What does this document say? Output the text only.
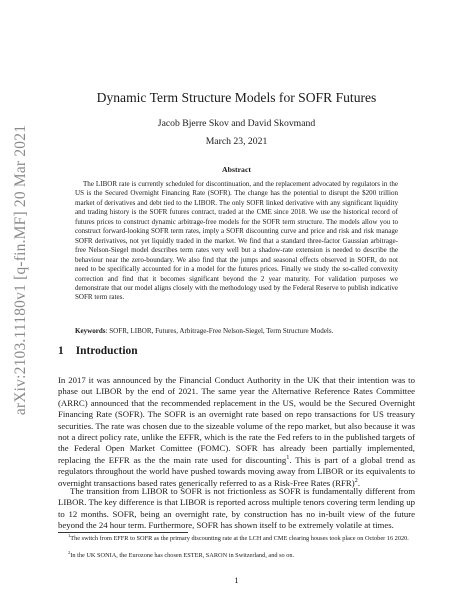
arXiv:2103.11180v1 [q-fin.MF] 20 Mar 2021
Dynamic Term Structure Models for SOFR Futures
Jacob Bjerre Skov and David Skovmand
March 23, 2021
Abstract
The LIBOR rate is currently scheduled for discontinuation, and the replacement advocated by regulators in the US is the Secured Overnight Financing Rate (SOFR). The change has the potential to disrupt the $200 trillion market of derivatives and debt tied to the LIBOR. The only SOFR linked derivative with any significant liquidity and trading history is the SOFR futures contract, traded at the CME since 2018. We use the historical record of futures prices to construct dynamic arbitrage-free models for the SOFR term structure. The models allow you to construct forward-looking SOFR term rates, imply a SOFR discounting curve and price and risk and risk manage SOFR derivatives, not yet liquidly traded in the market. We find that a standard three-factor Gaussian arbitrage-free Nelson-Siegel model describes term rates very well but a shadow-rate extension is needed to describe the behaviour near the zero-boundary. We also find that the jumps and seasonal effects observed in SOFR, do not need to be specifically accounted for in a model for the futures prices. Finally we study the so-called convexity correction and find that it becomes significant beyond the 2 year maturity. For validation purposes we demonstrate that our model aligns closely with the methodology used by the Federal Reserve to publish indicative SOFR term rates.
Keywords: SOFR, LIBOR, Futures, Arbitrage-Free Nelson-Siegel, Term Structure Models.
1 Introduction

In 2017 it was announced by the Financial Conduct Authority in the UK that their intention was to phase out LIBOR by the end of 2021. The same year the Alternative Reference Rates Committee (ARRC) announced that the recommended replacement in the US, would be the Secured Overnight Financing Rate (SOFR). The SOFR is an overnight rate based on repo transactions for US treasury securities. The rate was chosen due to the sizeable volume of the repo market, but also because it was not a direct policy rate, unlike the EFFR, which is the rate the Fed refers to in the published targets of the Federal Open Market Comittee (FOMC). SOFR has already been partially implemented, replacing the EFFR as the the main rate used for discounting$^1$. This is part of a global trend as regulators throughout the world have pushed towards moving away from LIBOR or its equivalents to overnight transactions based rates generically referred to as a Risk-Free Rates (RFR)$^2$.

The transition from LIBOR to SOFR is not frictionless as SOFR is fundamentally different from LIBOR. The key difference is that LIBOR is reported across multiple tenors covering term lending up to 12 months. SOFR, being an overnight rate, by construction has no in-built view of the future beyond the 24 hour term. Furthermore, SOFR has shown itself to be extremely volatile at times.

$^1$The switch from EFFR to SOFR as the primary discounting rate at the LCH and CME clearing houses took place on October 16 2020.

$^2$In the UK SONIA, the Eurozone has chosen ESTER, SARON in Switzerland, and so on.

1
